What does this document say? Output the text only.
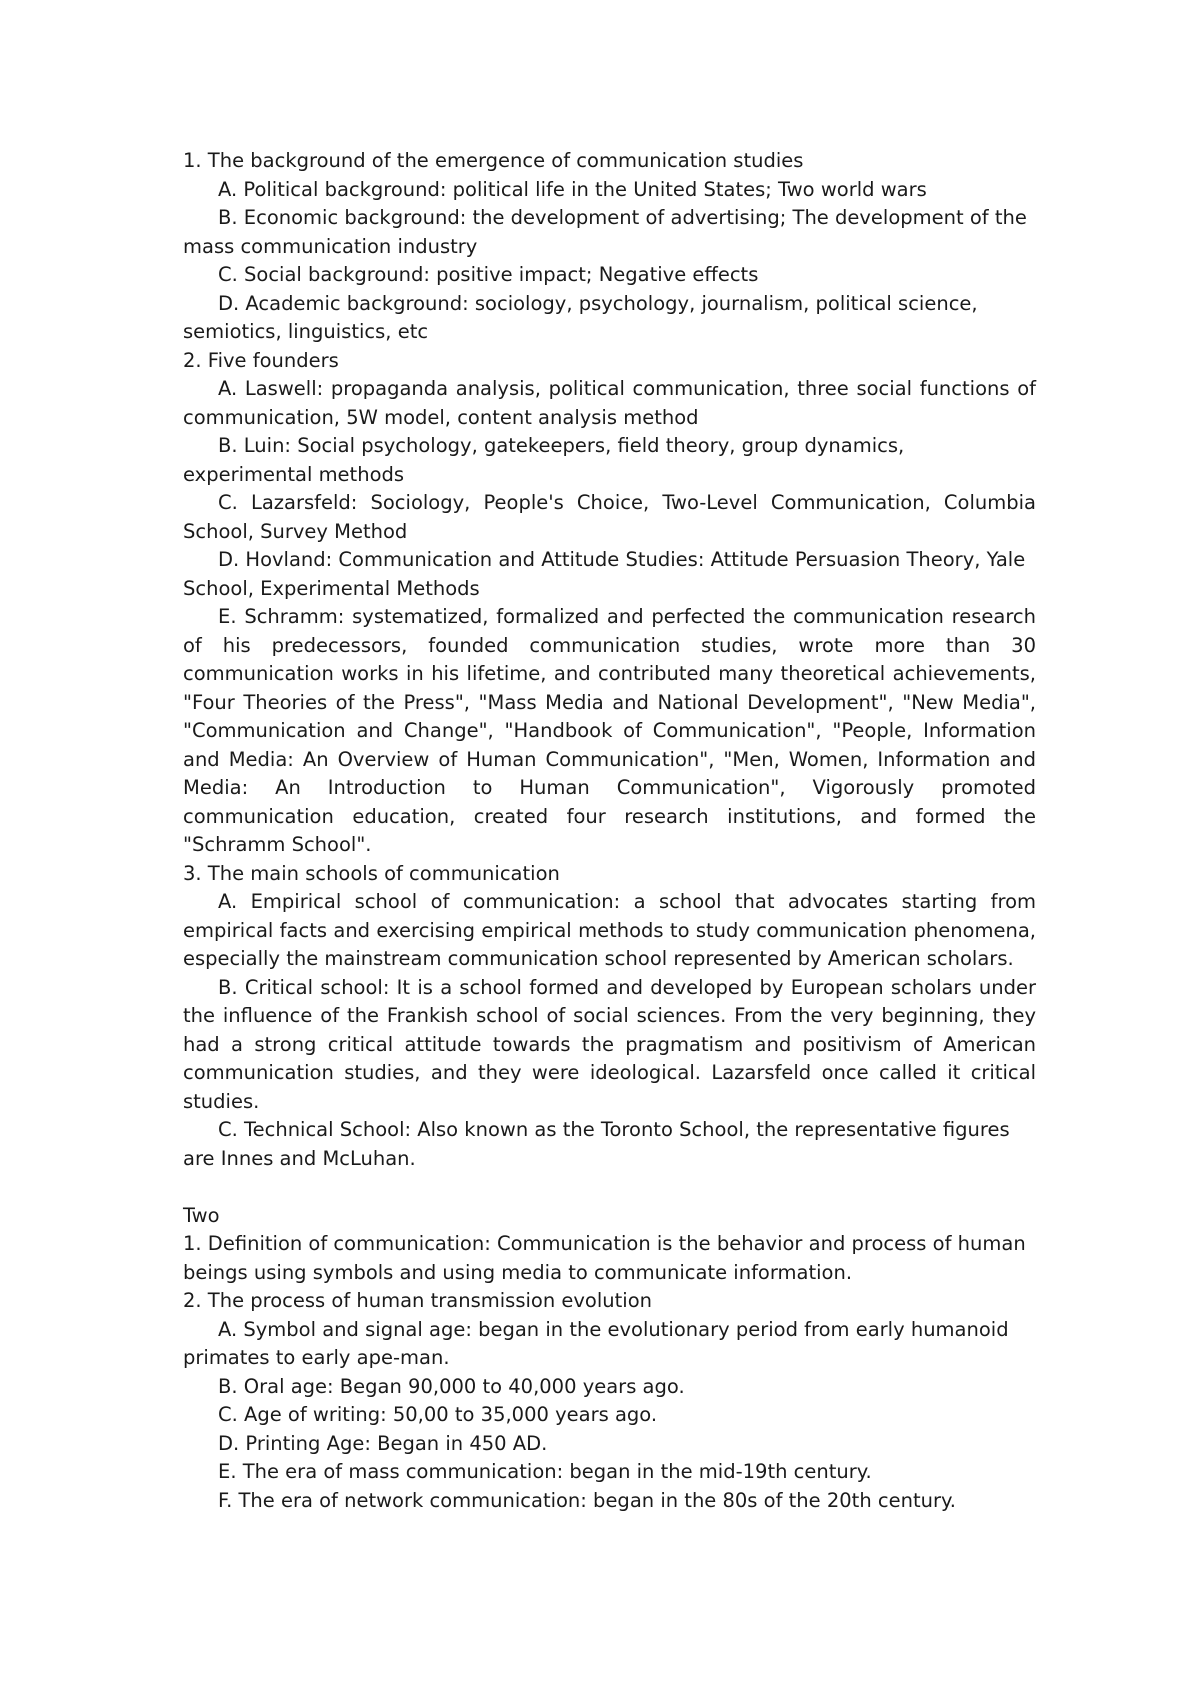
1. The background of the emergence of communication studies

A. Political background: political life in the United States; Two world wars

B. Economic background: the development of advertising; The development of the mass communication industry

C. Social background: positive impact; Negative effects

D. Academic background: sociology, psychology, journalism, political science, semiotics, linguistics, etc

2. Five founders

A. Laswell: propaganda analysis, political communication, three social functions of communication, 5W model, content analysis method

B. Luin: Social psychology, gatekeepers, field theory, group dynamics, experimental methods

C. Lazarsfeld: Sociology, People's Choice, Two-Level Communication, Columbia School, Survey Method

D. Hovland: Communication and Attitude Studies: Attitude Persuasion Theory, Yale School, Experimental Methods

E. Schramm: systematized, formalized and perfected the communication research of his predecessors, founded communication studies, wrote more than 30 communication works in his lifetime, and contributed many theoretical achievements, "Four Theories of the Press", "Mass Media and National Development", "New Media", "Communication and Change", "Handbook of Communication", "People, Information and Media: An Overview of Human Communication", "Men, Women, Information and Media: An Introduction to Human Communication", Vigorously promoted communication education, created four research institutions, and formed the "Schramm School".

3. The main schools of communication

A. Empirical school of communication: a school that advocates starting from empirical facts and exercising empirical methods to study communication phenomena, especially the mainstream communication school represented by American scholars.

B. Critical school: It is a school formed and developed by European scholars under the influence of the Frankish school of social sciences. From the very beginning, they had a strong critical attitude towards the pragmatism and positivism of American communication studies, and they were ideological. Lazarsfeld once called it critical studies.

C. Technical School: Also known as the Toronto School, the representative figures are Innes and McLuhan.

Two

1. Definition of communication: Communication is the behavior and process of human beings using symbols and using media to communicate information.

2. The process of human transmission evolution

A. Symbol and signal age: began in the evolutionary period from early humanoid primates to early ape-man.

B. Oral age: Began 90,000 to 40,000 years ago.

C. Age of writing: 50,00 to 35,000 years ago.

D. Printing Age: Began in 450 AD.

E. The era of mass communication: began in the mid-19th century.

F. The era of network communication: began in the 80s of the 20th century.
